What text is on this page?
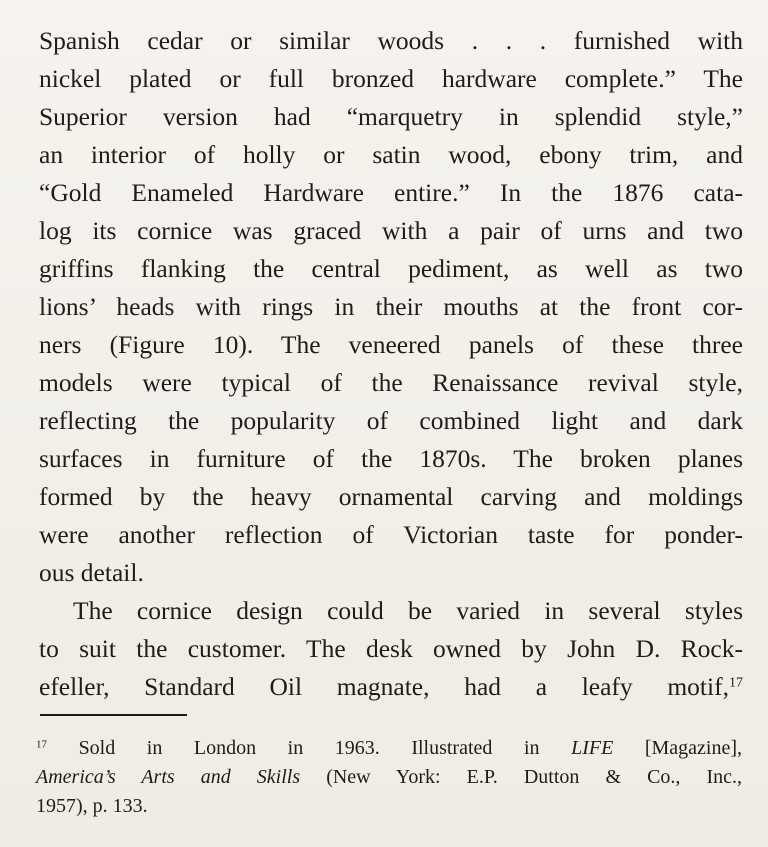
Spanish cedar or similar woods . . . furnished with
nickel plated or full bronzed hardware complete.” The
Superior version had “marquetry in splendid style,”
an interior of holly or satin wood, ebony trim, and
“Gold Enameled Hardware entire.” In the 1876 cata-
log its cornice was graced with a pair of urns and two
griffins flanking the central pediment, as well as two
lions’ heads with rings in their mouths at the front cor-
ners (Figure 10). The veneered panels of these three
models were typical of the Renaissance revival style,
reflecting the popularity of combined light and dark
surfaces in furniture of the 1870s. The broken planes
formed by the heavy ornamental carving and moldings
were another reflection of Victorian taste for ponder-
ous detail.
The cornice design could be varied in several styles
to suit the customer. The desk owned by John D. Rock-
efeller, Standard Oil magnate, had a leafy motif,$^{17}$
$^{17}$ Sold in London in 1963. Illustrated in LIFE [Magazine],
America’s Arts and Skills (New York: E.P. Dutton & Co., Inc.,
1957), p. 133.
